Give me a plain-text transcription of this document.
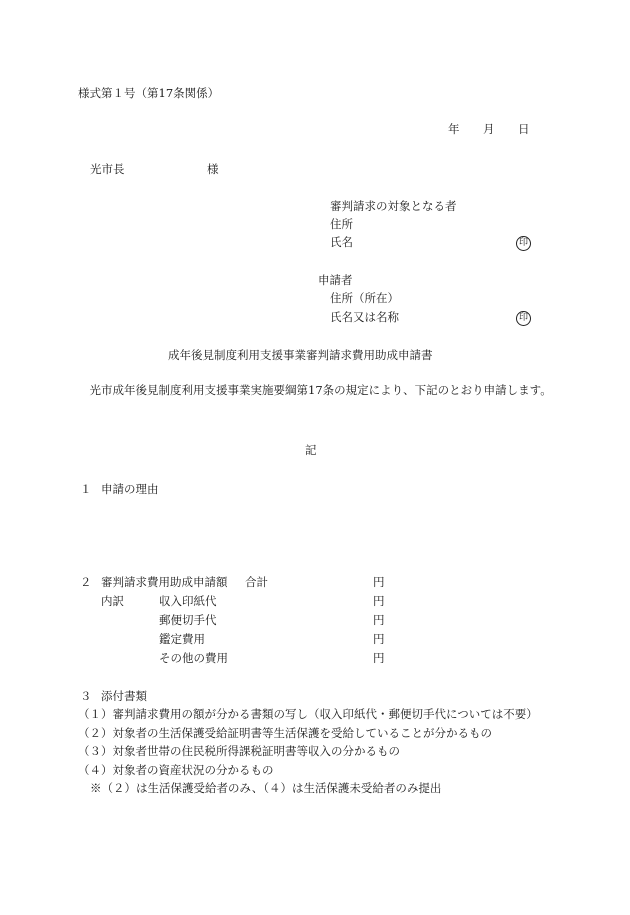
様式第１号（第17条関係）
年 月 日
光市長	様
審判請求の対象となる者
住所
氏名	印
申請者
住所（所在）
氏名又は名称	印
成年後見制度利用支援事業審判請求費用助成申請書
光市成年後見制度利用支援事業実施要綱第17条の規定により、下記のとおり申請します。
記
１ 申請の理由
２ 審判請求費用助成申請額 合計	円
内訳	収入印紙代	円
郵便切手代	円
鑑定費用	円
その他の費用	円
３ 添付書類
（１）審判請求費用の額が分かる書類の写し（収入印紙代・郵便切手代については不要）
（２）対象者の生活保護受給証明書等生活保護を受給していることが分かるもの
（３）対象者世帯の住民税所得課税証明書等収入の分かるもの
（４）対象者の資産状況の分かるもの
※（２）は生活保護受給者のみ、（４）は生活保護未受給者のみ提出
